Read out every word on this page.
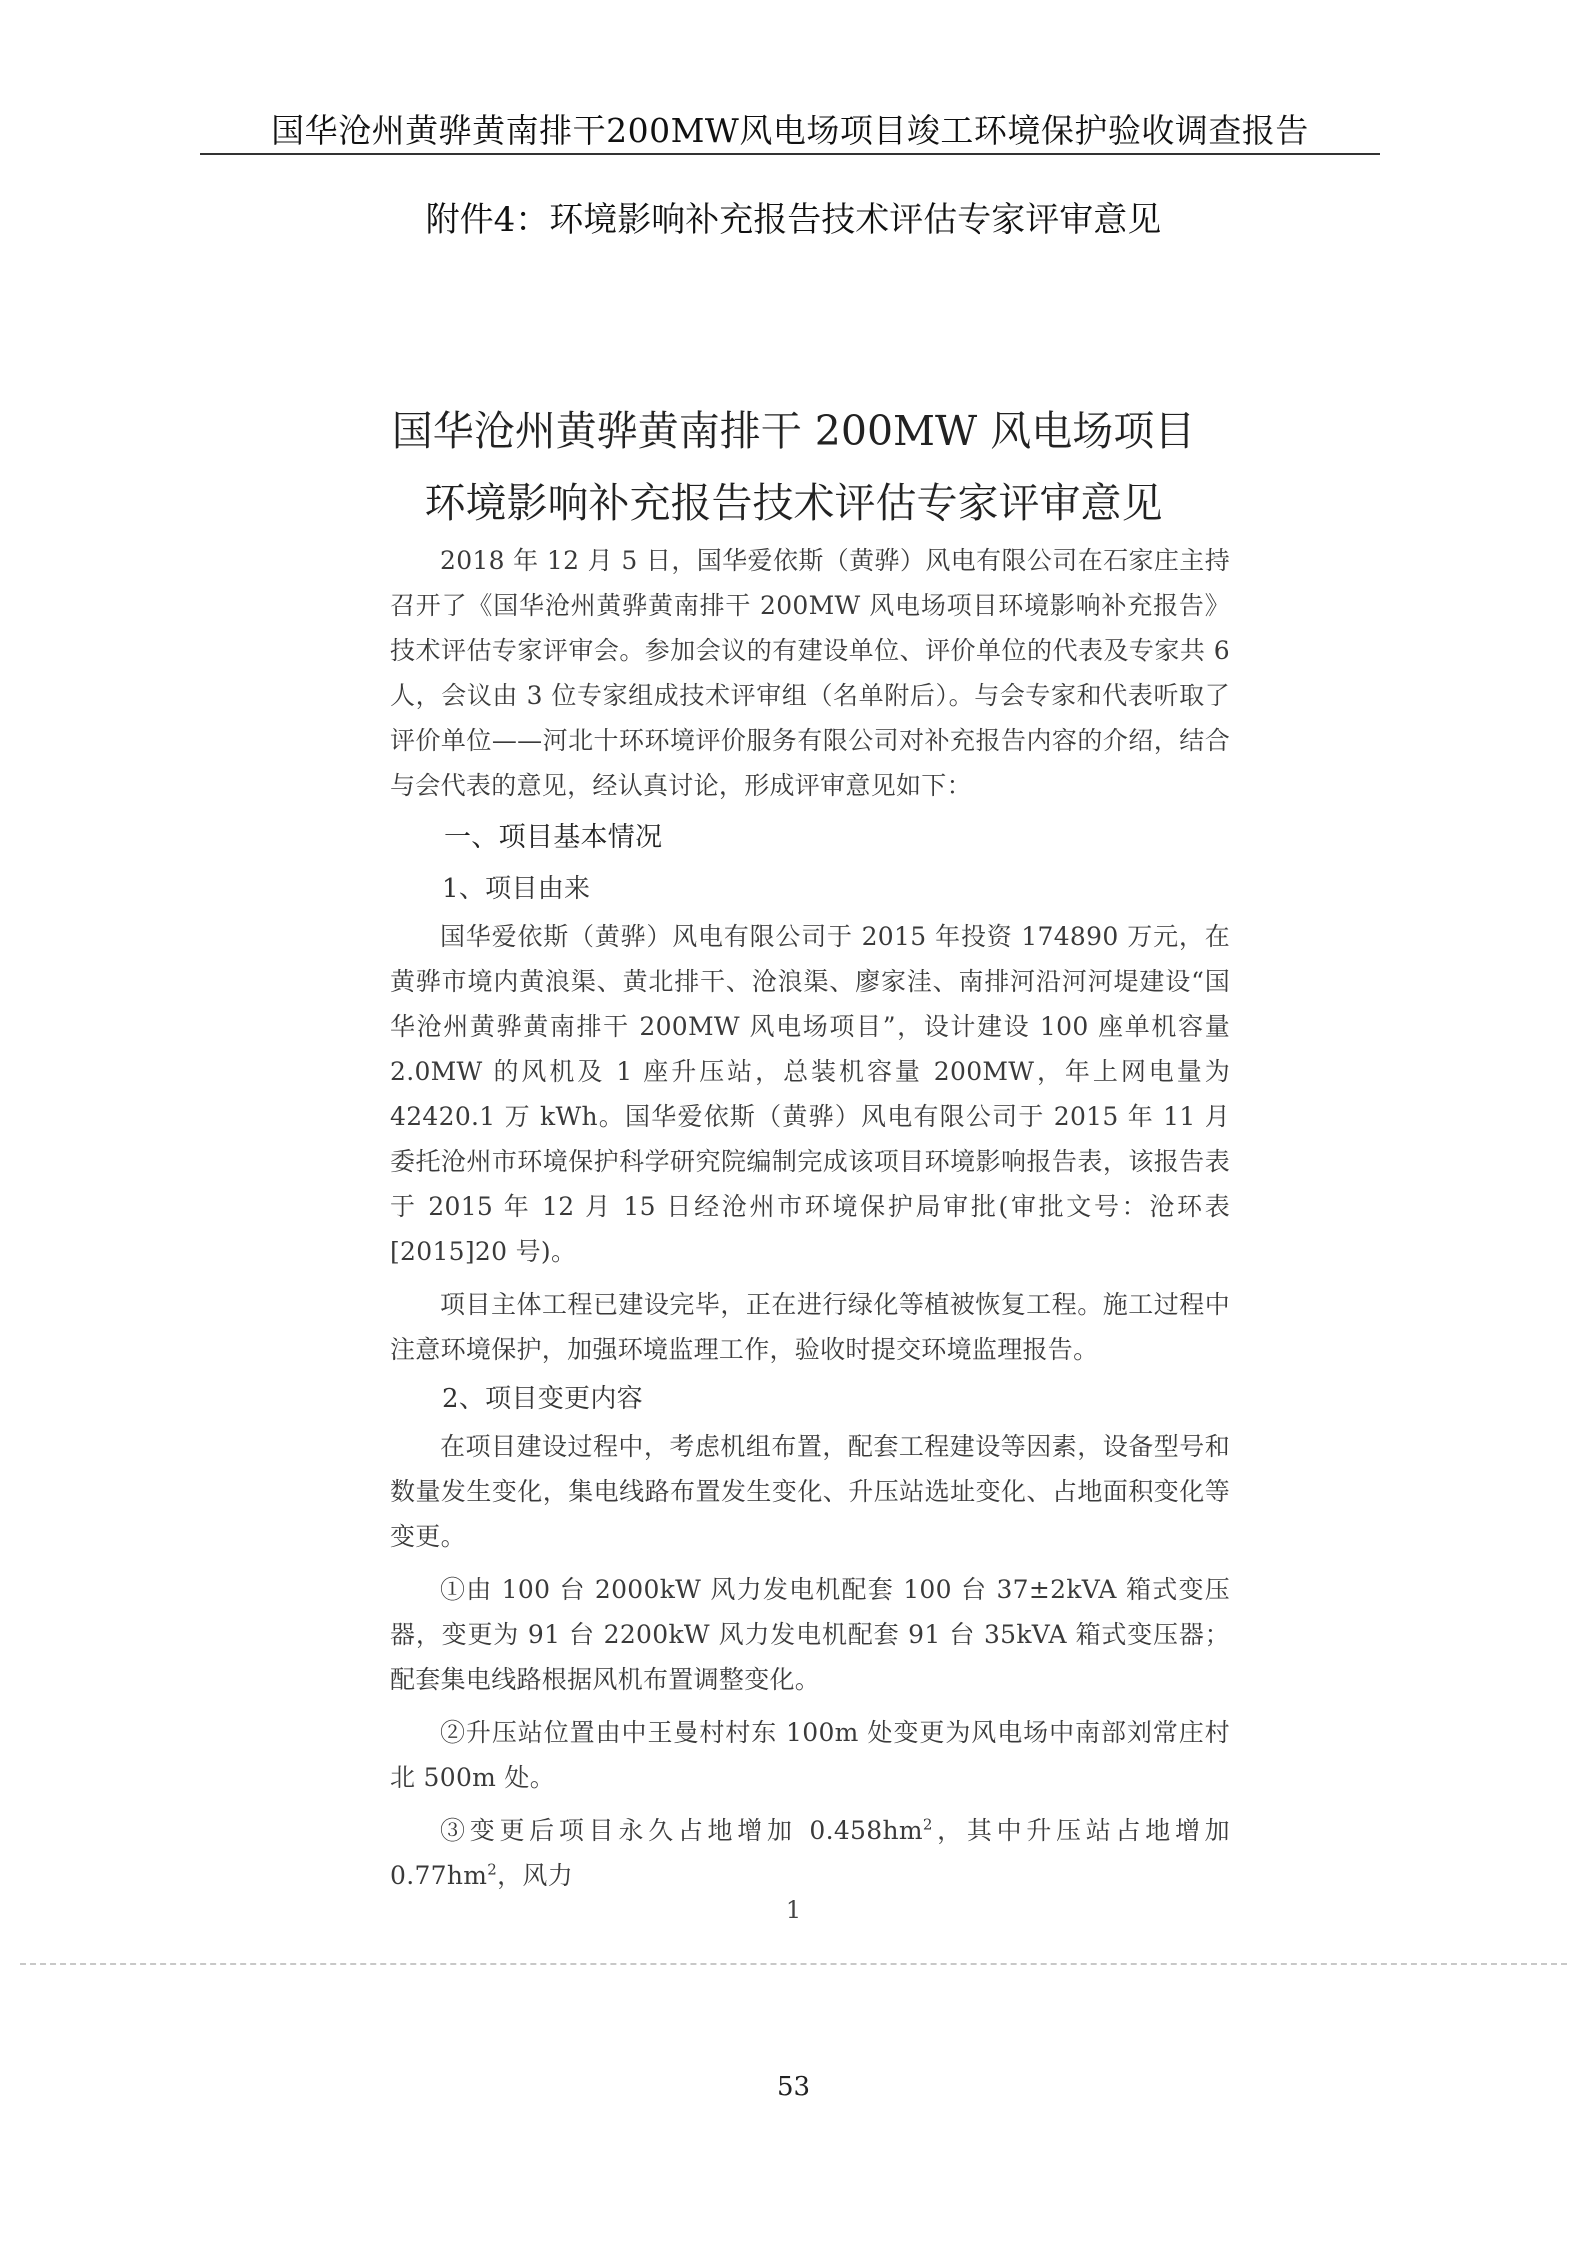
国华沧州黄骅黄南排干200MW风电场项目竣工环境保护验收调查报告
附件4：环境影响补充报告技术评估专家评审意见
国华沧州黄骅黄南排干 200MW 风电场项目
环境影响补充报告技术评估专家评审意见

2018 年 12 月 5 日，国华爱依斯（黄骅）风电有限公司在石家庄主持召开了《国华沧州黄骅黄南排干 200MW 风电场项目环境影响补充报告》技术评估专家评审会。参加会议的有建设单位、评价单位的代表及专家共 6 人，会议由 3 位专家组成技术评审组（名单附后）。与会专家和代表听取了评价单位——河北十环环境评价服务有限公司对补充报告内容的介绍，结合与会代表的意见，经认真讨论，形成评审意见如下：

一、项目基本情况
1、项目由来

国华爱依斯（黄骅）风电有限公司于 2015 年投资 174890 万元，在黄骅市境内黄浪渠、黄北排干、沧浪渠、廖家洼、南排河沿河河堤建设“国华沧州黄骅黄南排干 200MW 风电场项目”，设计建设 100 座单机容量 2.0MW 的风机及 1 座升压站，总装机容量 200MW，年上网电量为 42420.1 万 kWh。国华爱依斯（黄骅）风电有限公司于 2015 年 11 月委托沧州市环境保护科学研究院编制完成该项目环境影响报告表，该报告表于 2015 年 12 月 15 日经沧州市环境保护局审批(审批文号：沧环表[2015]20 号)。

项目主体工程已建设完毕，正在进行绿化等植被恢复工程。施工过程中注意环境保护，加强环境监理工作，验收时提交环境监理报告。

2、项目变更内容

在项目建设过程中，考虑机组布置，配套工程建设等因素，设备型号和数量发生变化，集电线路布置发生变化、升压站选址变化、占地面积变化等变更。

①由 100 台 2000kW 风力发电机配套 100 台 37±2kVA 箱式变压器，变更为 91 台 2200kW 风力发电机配套 91 台 35kVA 箱式变压器；配套集电线路根据风机布置调整变化。

②升压站位置由中王曼村村东 100m 处变更为风电场中南部刘常庄村北 500m 处。

③变更后项目永久占地增加 $0.458hm^2$，其中升压站占地增加 $0.77hm^2$，风力

1
53
